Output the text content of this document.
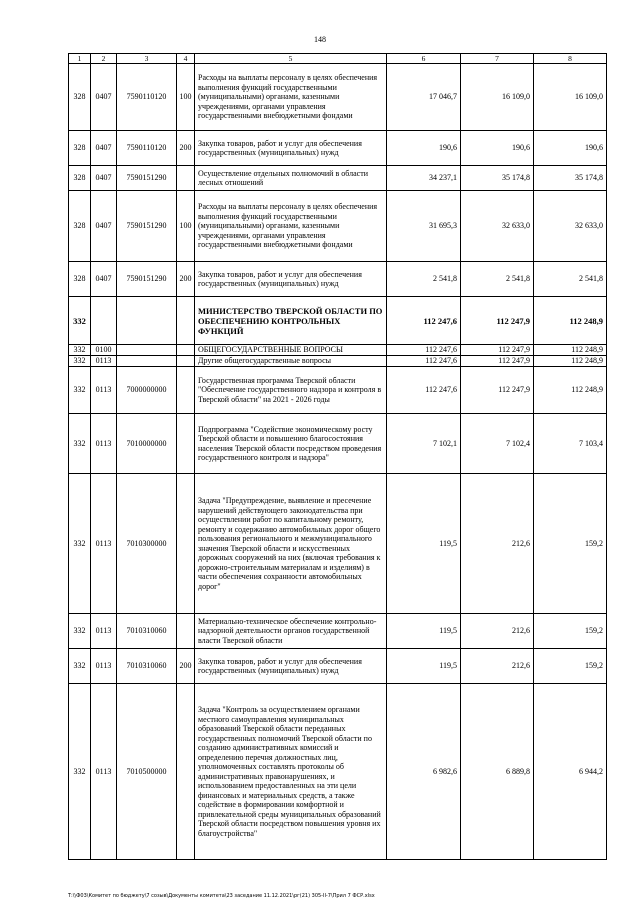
148
1	2	3	4	5	6	7	8
328	0407	7590110120	100	Расходы на выплаты персоналу в целях обеспечения выполнения функций государственными (муниципальными) органами, казенными учреждениями, органами управления государственными внебюджетными фондами	17 046,7	16 109,0	16 109,0
328	0407	7590110120	200	Закупка товаров, работ и услуг для обеспечения государственных (муниципальных) нужд	190,6	190,6	190,6
328	0407	7590151290		Осуществление отдельных полномочий в области лесных отношений	34 237,1	35 174,8	35 174,8
328	0407	7590151290	100	Расходы на выплаты персоналу в целях обеспечения выполнения функций государственными (муниципальными) органами, казенными учреждениями, органами управления государственными внебюджетными фондами	31 695,3	32 633,0	32 633,0
328	0407	7590151290	200	Закупка товаров, работ и услуг для обеспечения государственных (муниципальных) нужд	2 541,8	2 541,8	2 541,8
332				МИНИСТЕРСТВО ТВЕРСКОЙ ОБЛАСТИ ПО ОБЕСПЕЧЕНИЮ КОНТРОЛЬНЫХ ФУНКЦИЙ	112 247,6	112 247,9	112 248,9
332	0100			ОБЩЕГОСУДАРСТВЕННЫЕ ВОПРОСЫ	112 247,6	112 247,9	112 248,9
332	0113			Другие общегосударственные вопросы	112 247,6	112 247,9	112 248,9
332	0113	7000000000		Государственная программа Тверской области "Обеспечение государственного надзора и контроля в Тверской области" на 2021 - 2026 годы	112 247,6	112 247,9	112 248,9
332	0113	7010000000		Подпрограмма "Содействие экономическому росту Тверской области и повышению благосостояния населения Тверской области посредством проведения государственного контроля и надзора"	7 102,1	7 102,4	7 103,4
332	0113	7010300000		Задача "Предупреждение, выявление и пресечение нарушений действующего законодательства при осуществлении работ по капитальному ремонту, ремонту и содержанию автомобильных дорог общего пользования регионального и межмуниципального значения Тверской области и искусственных дорожных сооружений на них (включая требования к дорожно-строительным материалам и изделиям) в части обеспечения сохранности автомобильных дорог"	119,5	212,6	159,2
332	0113	7010310060		Материально-техническое обеспечение контрольно-надзорной деятельности органов государственной власти Тверской области	119,5	212,6	159,2
332	0113	7010310060	200	Закупка товаров, работ и услуг для обеспечения государственных (муниципальных) нужд	119,5	212,6	159,2
332	0113	7010500000		Задача "Контроль за осуществлением органами местного самоуправления муниципальных образований Тверской области переданных государственных полномочий Тверской области по созданию административных комиссий и определению перечня должностных лиц, уполномоченных составлять протоколы об административных правонарушениях, и использованием предоставленных на эти цели финансовых и материальных средств, а также содействие в формировании комфортной и привлекательной среды муниципальных образований Тверской области посредством повышения уровня их благоустройства"	6 982,6	6 889,8	6 944,2
Т:\\Ф03\Комитет по бюджету\7 созыв\Документы комитета\23 заседание 11.12.2021\рг(21) 305-II-7\Прил 7 ФСР.xlsx
